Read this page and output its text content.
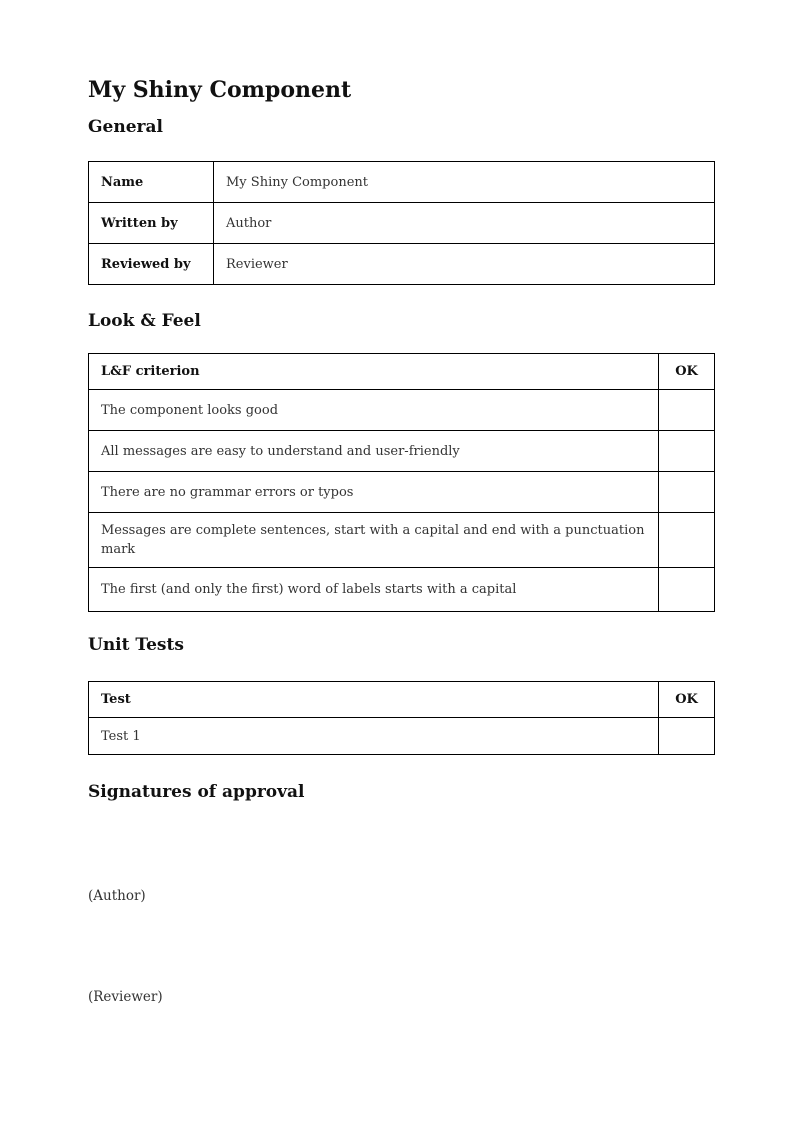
My Shiny Component
General
Name	My Shiny Component
Written by	Author
Reviewed by	Reviewer
Look & Feel
L&F criterion	OK
The component looks good	
All messages are easy to understand and user-friendly	
There are no grammar errors or typos	
Messages are complete sentences, start with a capital and end with a punctuation mark	
The first (and only the first) word of labels starts with a capital	
Unit Tests
Test	OK
Test 1	
Signatures of approval
(Author)
(Reviewer)
